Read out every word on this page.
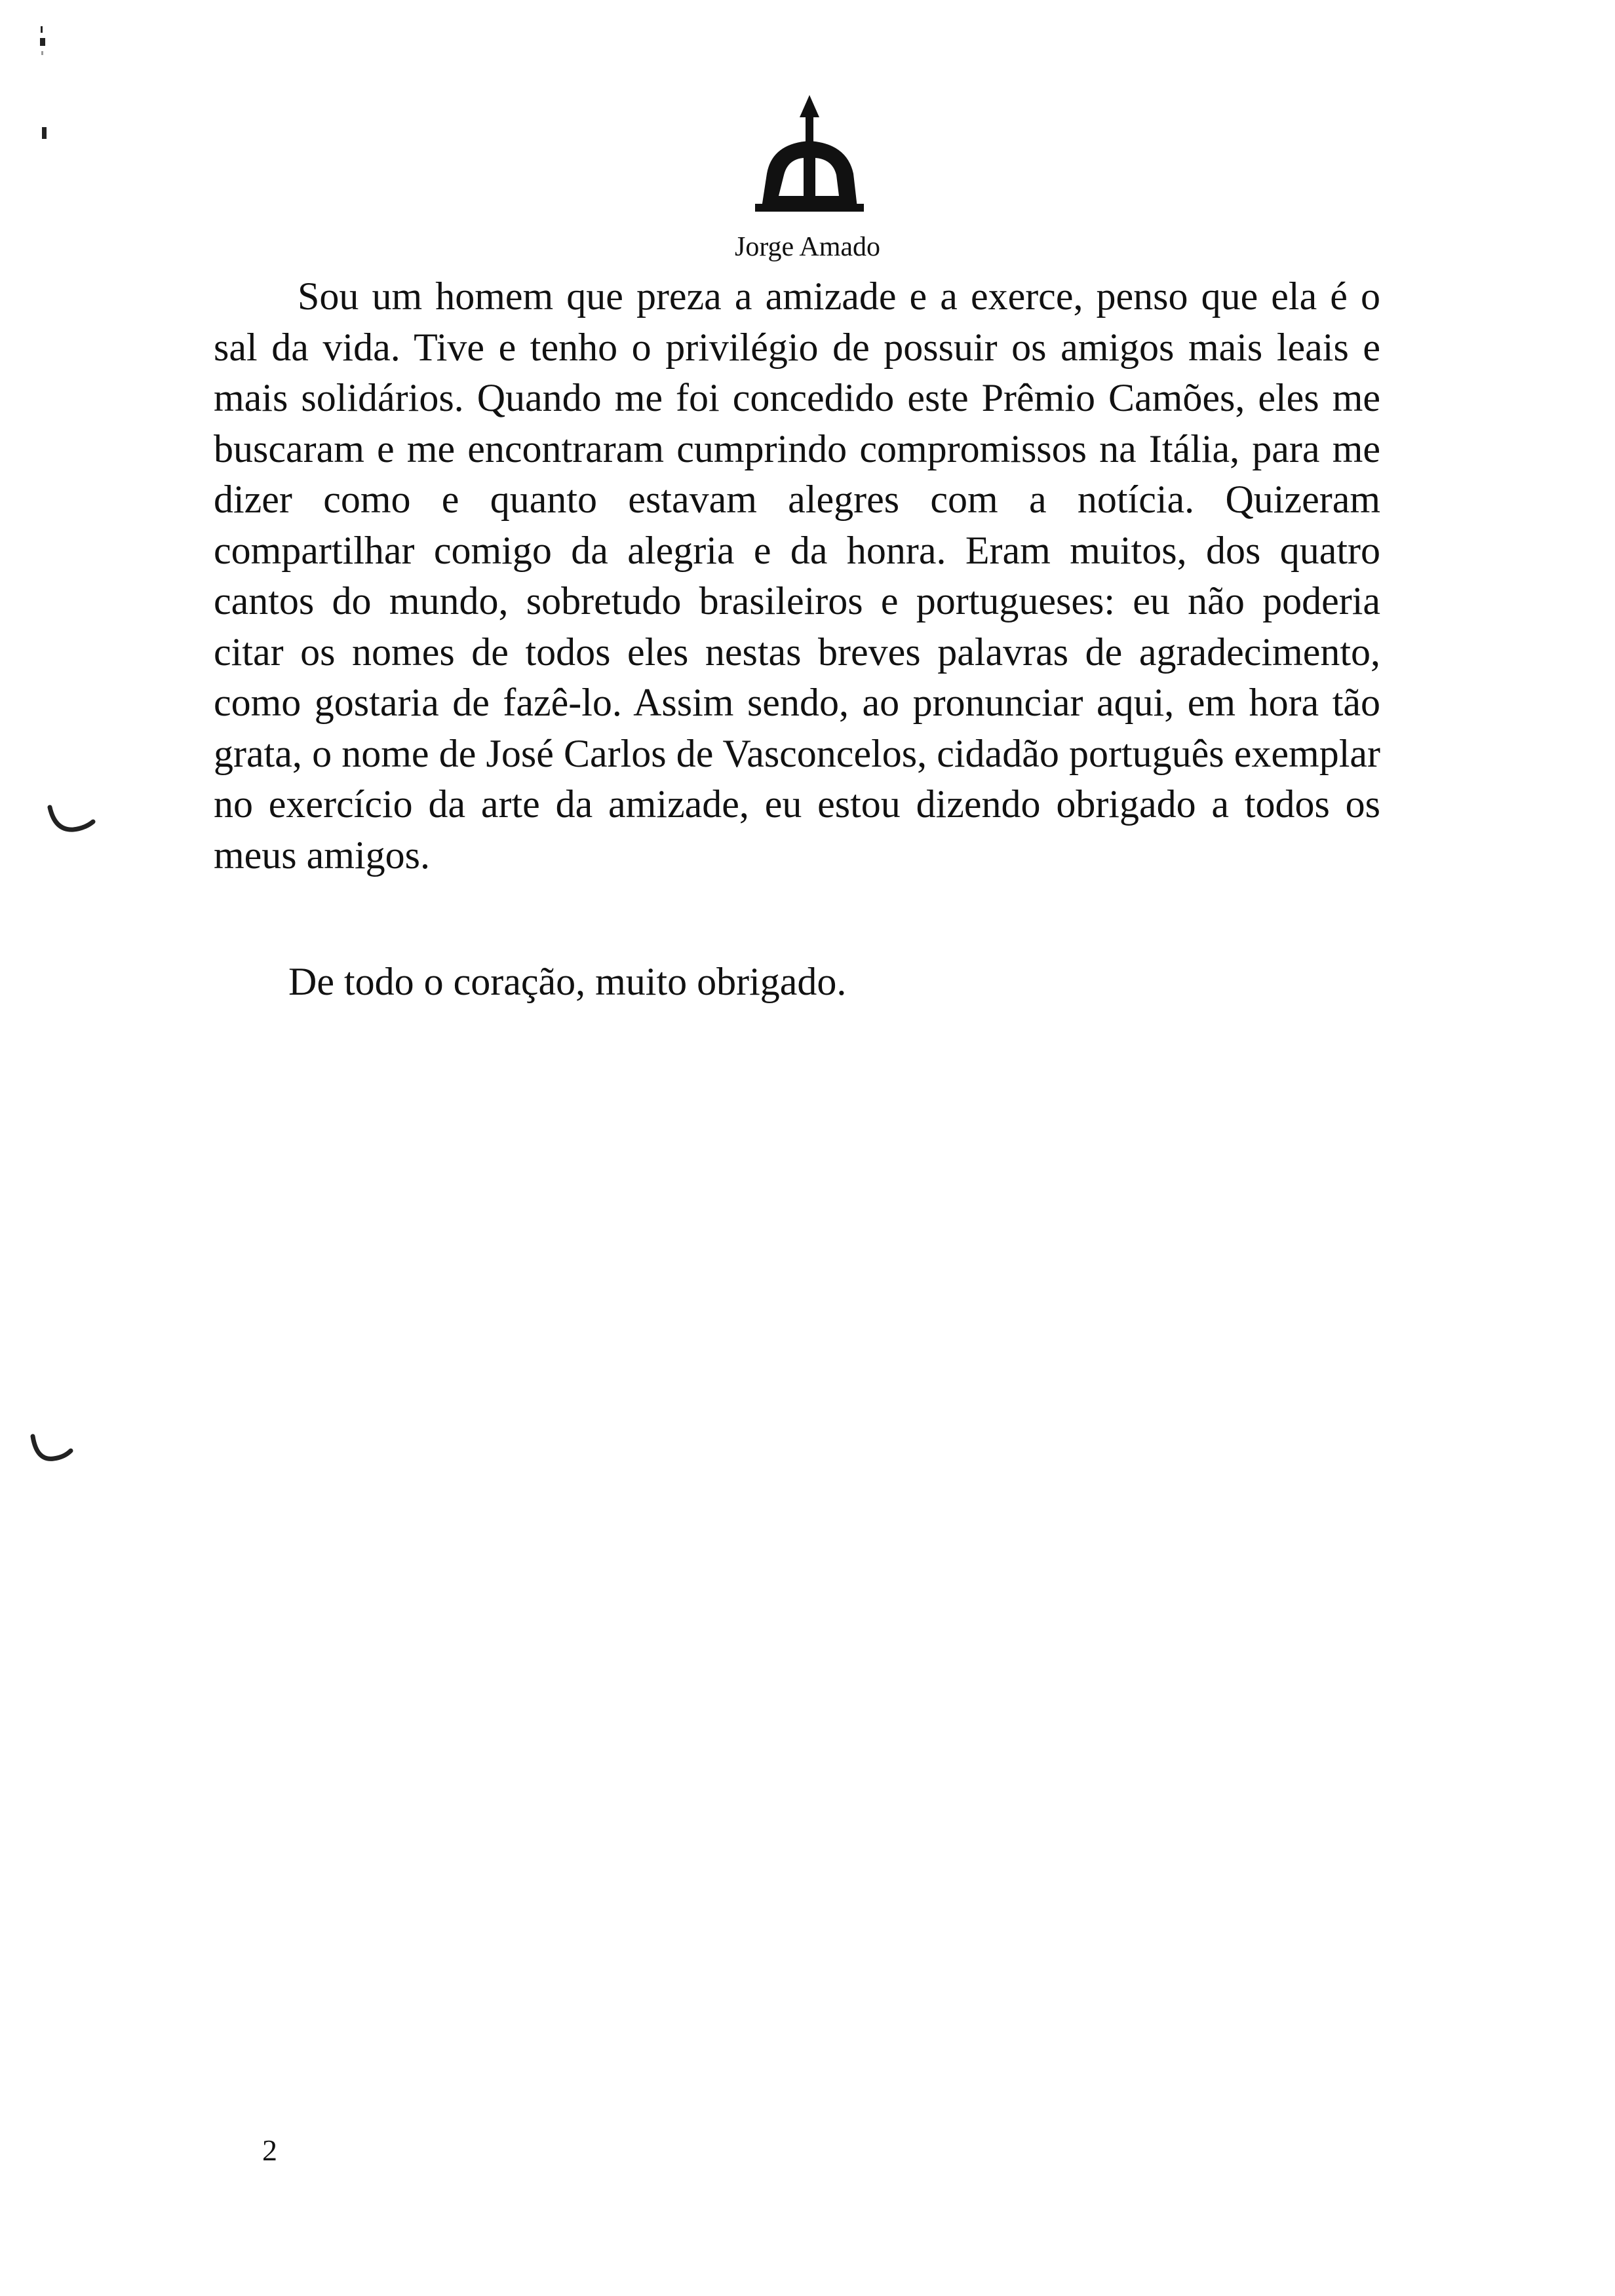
Jorge Amado

Sou um homem que preza a amizade e a exerce, penso que ela é o sal da vida. Tive e tenho o privilégio de possuir os amigos mais leais e mais solidários. Quando me foi concedido este Prêmio Camões, eles me buscaram e me encontraram cumprindo compromissos na Itália, para me dizer como e quanto estavam alegres com a notícia. Quizeram compartilhar comigo da alegria e da honra. Eram muitos, dos quatro cantos do mundo, sobretudo brasileiros e portugueses: eu não poderia citar os nomes de todos eles nestas breves palavras de agradecimento, como gostaria de fazê-lo. Assim sendo, ao pronunciar aqui, em hora tão grata, o nome de José Carlos de Vasconcelos, cidadão português exemplar no exercício da arte da amizade, eu estou dizendo obrigado a todos os meus amigos.

De todo o coração, muito obrigado.

2
